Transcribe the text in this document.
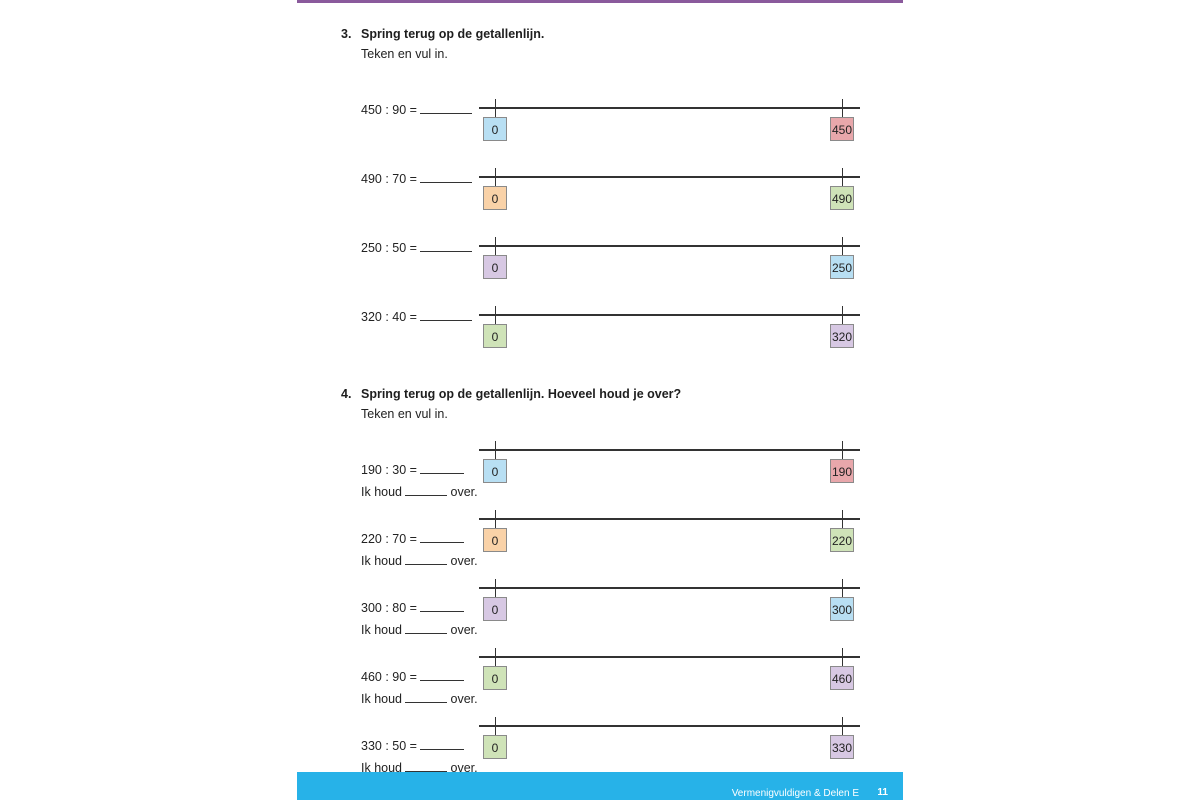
3. Spring terug op de getallenlijn.
Teken en vul in.
4. Spring terug op de getallenlijn. Hoeveel houd je over?
Teken en vul in.
Vermenigvuldigen & Delen E 11
450 : 90 =
0	450
490 : 70 =
0	490
250 : 50 =
0	250
320 : 40 =
0	320
190 : 30 =
Ik houd	over.
0	190
220 : 70 =
Ik houd	over.
0	220
300 : 80 =
Ik houd	over.
0	300
460 : 90 =
Ik houd	over.
0	460
330 : 50 =
Ik houd	over.
0	330
